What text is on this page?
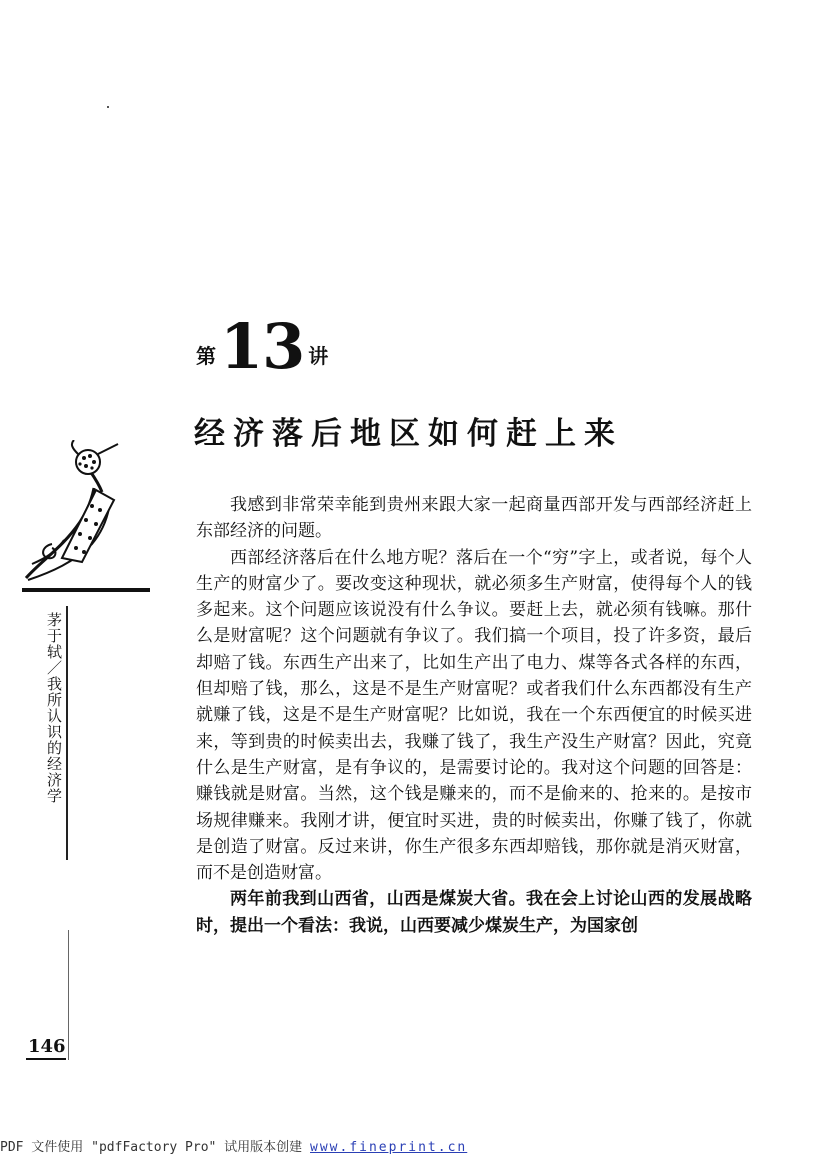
第 13 讲
经济落后地区如何赶上来
茅于轼／我所认识的经济学

我感到非常荣幸能到贵州来跟大家一起商量西部开发与西部经济赶上东部经济的问题。

西部经济落后在什么地方呢？落后在一个“穷”字上，或者说，每个人生产的财富少了。要改变这种现状，就必须多生产财富，使得每个人的钱多起来。这个问题应该说没有什么争议。要赶上去，就必须有钱嘛。那什么是财富呢？这个问题就有争议了。我们搞一个项目，投了许多资，最后却赔了钱。东西生产出来了，比如生产出了电力、煤等各式各样的东西，但却赔了钱，那么，这是不是生产财富呢？或者我们什么东西都没有生产就赚了钱，这是不是生产财富呢？比如说，我在一个东西便宜的时候买进来，等到贵的时候卖出去，我赚了钱了，我生产没生产财富？因此，究竟什么是生产财富，是有争议的，是需要讨论的。我对这个问题的回答是：赚钱就是财富。当然，这个钱是赚来的，而不是偷来的、抢来的。是按市场规律赚来。我刚才讲，便宜时买进，贵的时候卖出，你赚了钱了，你就是创造了财富。反过来讲，你生产很多东西却赔钱，那你就是消灭财富，而不是创造财富。

两年前我到山西省，山西是煤炭大省。我在会上讨论山西的发展战略时，提出一个看法：我说，山西要减少煤炭生产，为国家创

146
PDF 文件使用 "pdfFactory Pro" 试用版本创建 www.fineprint.cn
